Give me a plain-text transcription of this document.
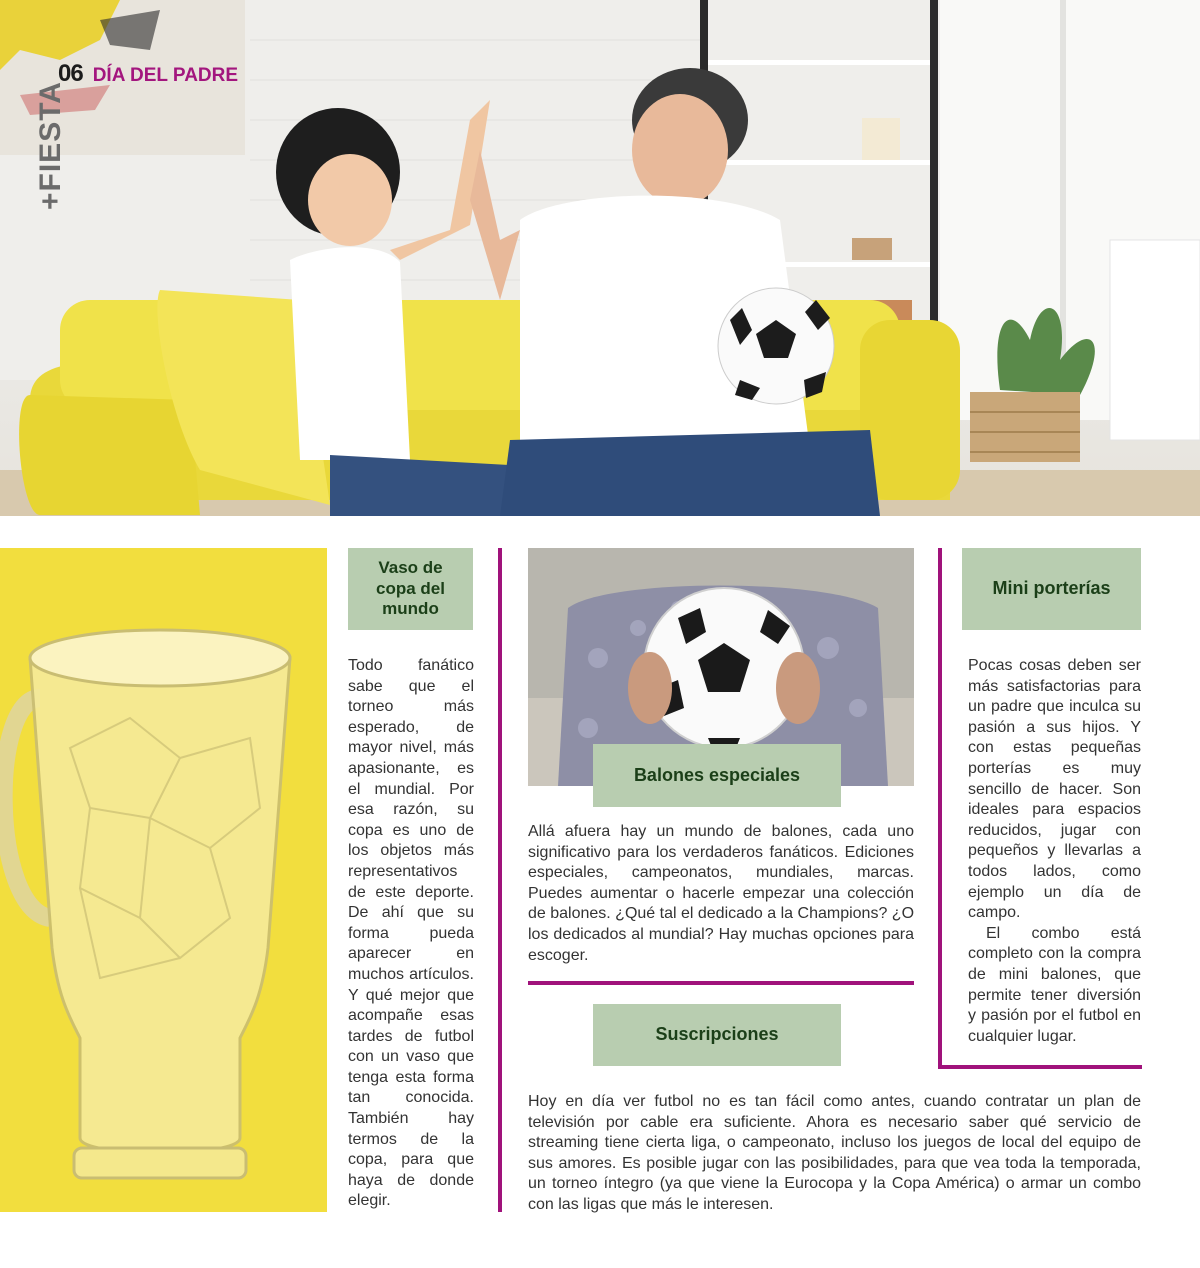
06 DÍA DEL PADRE
+FIESTA
Vaso de copa del mundo
Todo fanático sabe que el torneo más esperado, de mayor nivel, más apasionante, es el mundial. Por esa razón, su copa es uno de los objetos más representativos de este deporte. De ahí que su forma pueda aparecer en muchos artículos. Y qué mejor que acompañe esas tardes de futbol con un vaso que tenga esta forma tan conocida. También hay termos de la copa, para que haya de donde elegir.
Balones especiales
Allá afuera hay un mundo de balones, cada uno significativo para los verdaderos fanáticos. Ediciones especiales, campeonatos, mundiales, marcas. Puedes aumentar o hacerle empezar una colección de balones. ¿Qué tal el dedicado a la Champions? ¿O los dedicados al mundial? Hay muchas opciones para escoger.
Mini porterías

Pocas cosas deben ser más satisfactorias para un padre que inculca su pasión a sus hijos. Y con estas pequeñas porterías es muy sencillo de hacer. Son ideales para espacios reducidos, jugar con pequeños y llevarlas a todos lados, como ejemplo un día de campo.

El combo está completo con la compra de mini balones, que permite tener diversión y pasión por el futbol en cualquier lugar.

Suscripciones
Hoy en día ver futbol no es tan fácil como antes, cuando contratar un plan de televisión por cable era suficiente. Ahora es necesario saber qué servicio de streaming tiene cierta liga, o campeonato, incluso los juegos de local del equipo de sus amores. Es posible jugar con las posibilidades, para que vea toda la temporada, un torneo íntegro (ya que viene la Eurocopa y la Copa América) o armar un combo con las ligas que más le interesen.
